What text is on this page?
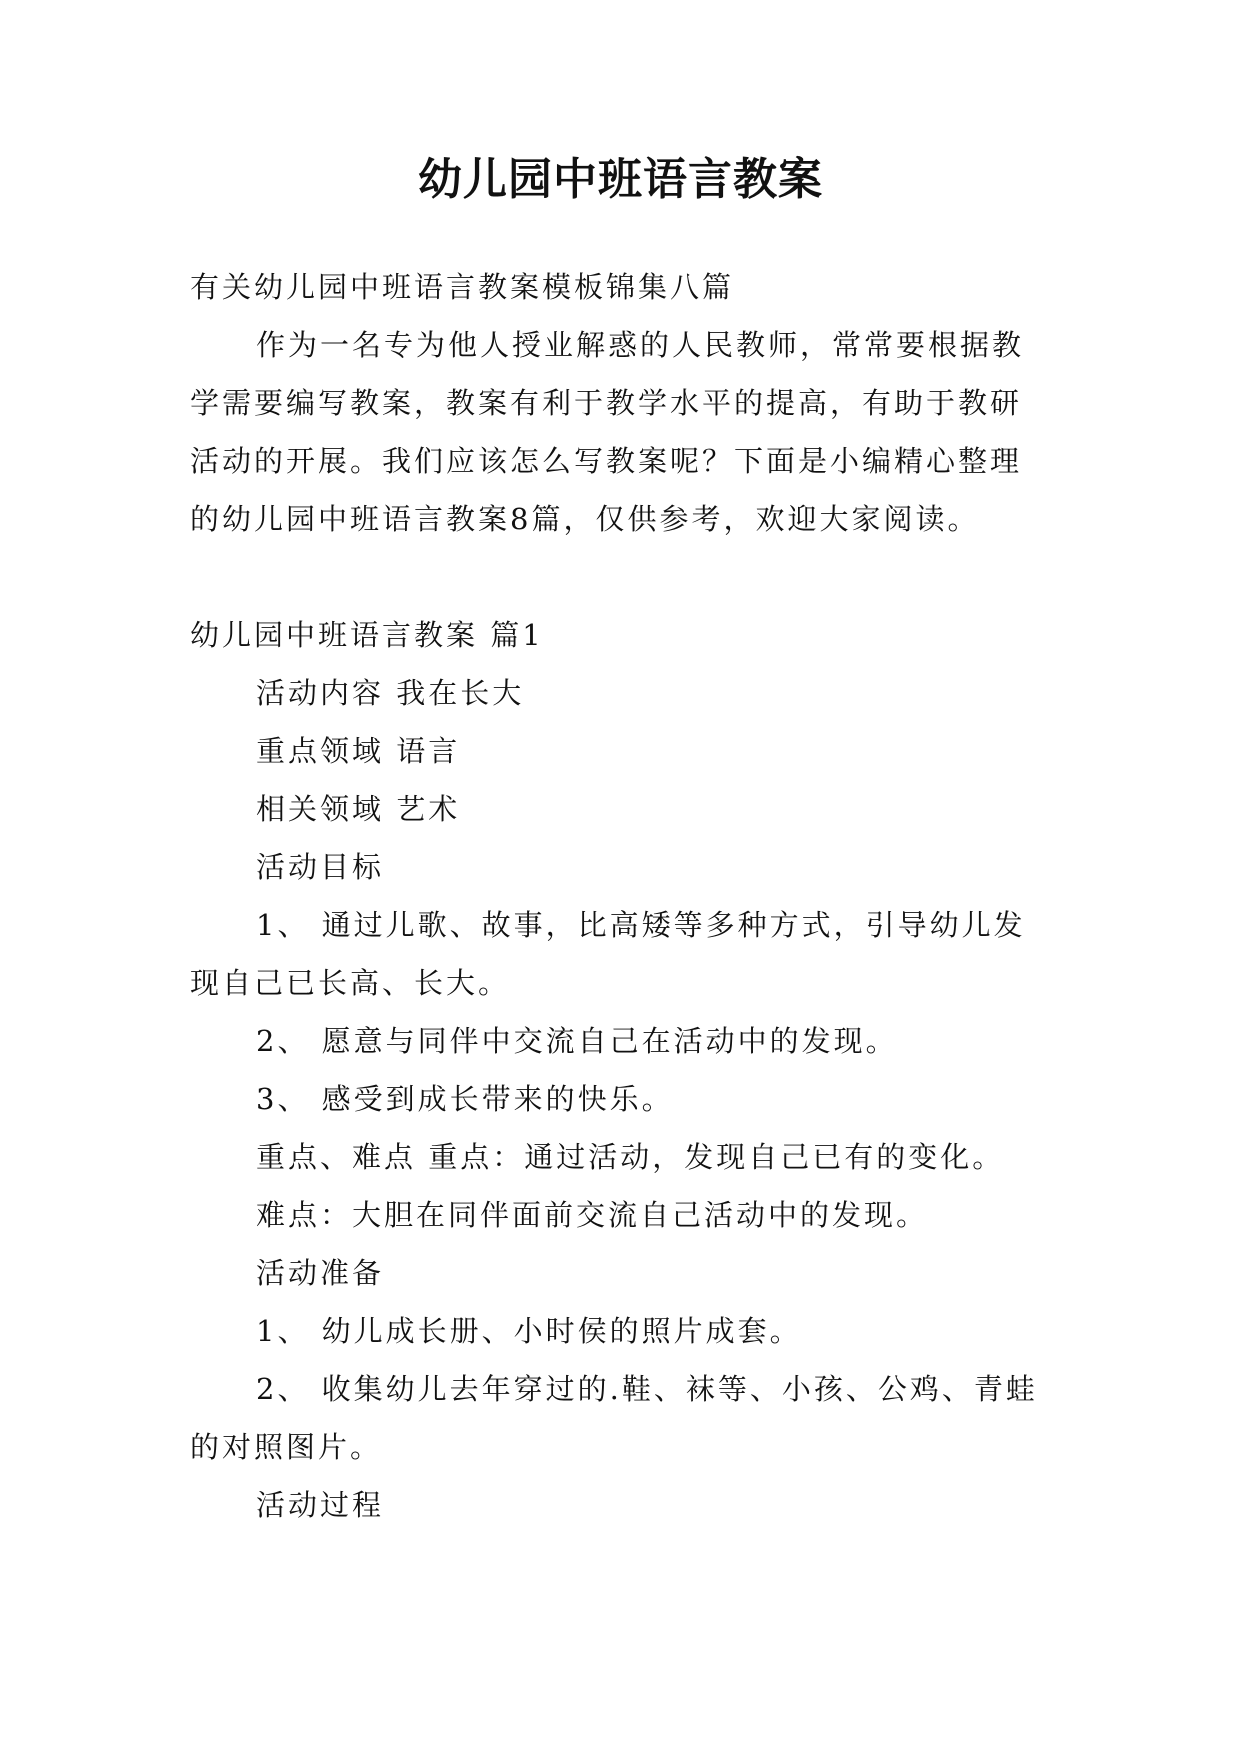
幼儿园中班语言教案

有关幼儿园中班语言教案模板锦集八篇

作为一名专为他人授业解惑的人民教师，常常要根据教学需要编写教案，教案有利于教学水平的提高，有助于教研活动的开展。我们应该怎么写教案呢？下面是小编精心整理的幼儿园中班语言教案8篇，仅供参考，欢迎大家阅读。

幼儿园中班语言教案 篇1

活动内容 我在长大

重点领域 语言

相关领域 艺术

活动目标

1、 通过儿歌、故事，比高矮等多种方式，引导幼儿发现自己已长高、长大。

2、 愿意与同伴中交流自己在活动中的发现。

3、 感受到成长带来的快乐。

重点、难点 重点：通过活动，发现自己已有的变化。

难点：大胆在同伴面前交流自己活动中的发现。

活动准备

1、 幼儿成长册、小时侯的照片成套。

2、 收集幼儿去年穿过的.鞋、袜等、小孩、公鸡、青蛙的对照图片。

活动过程
